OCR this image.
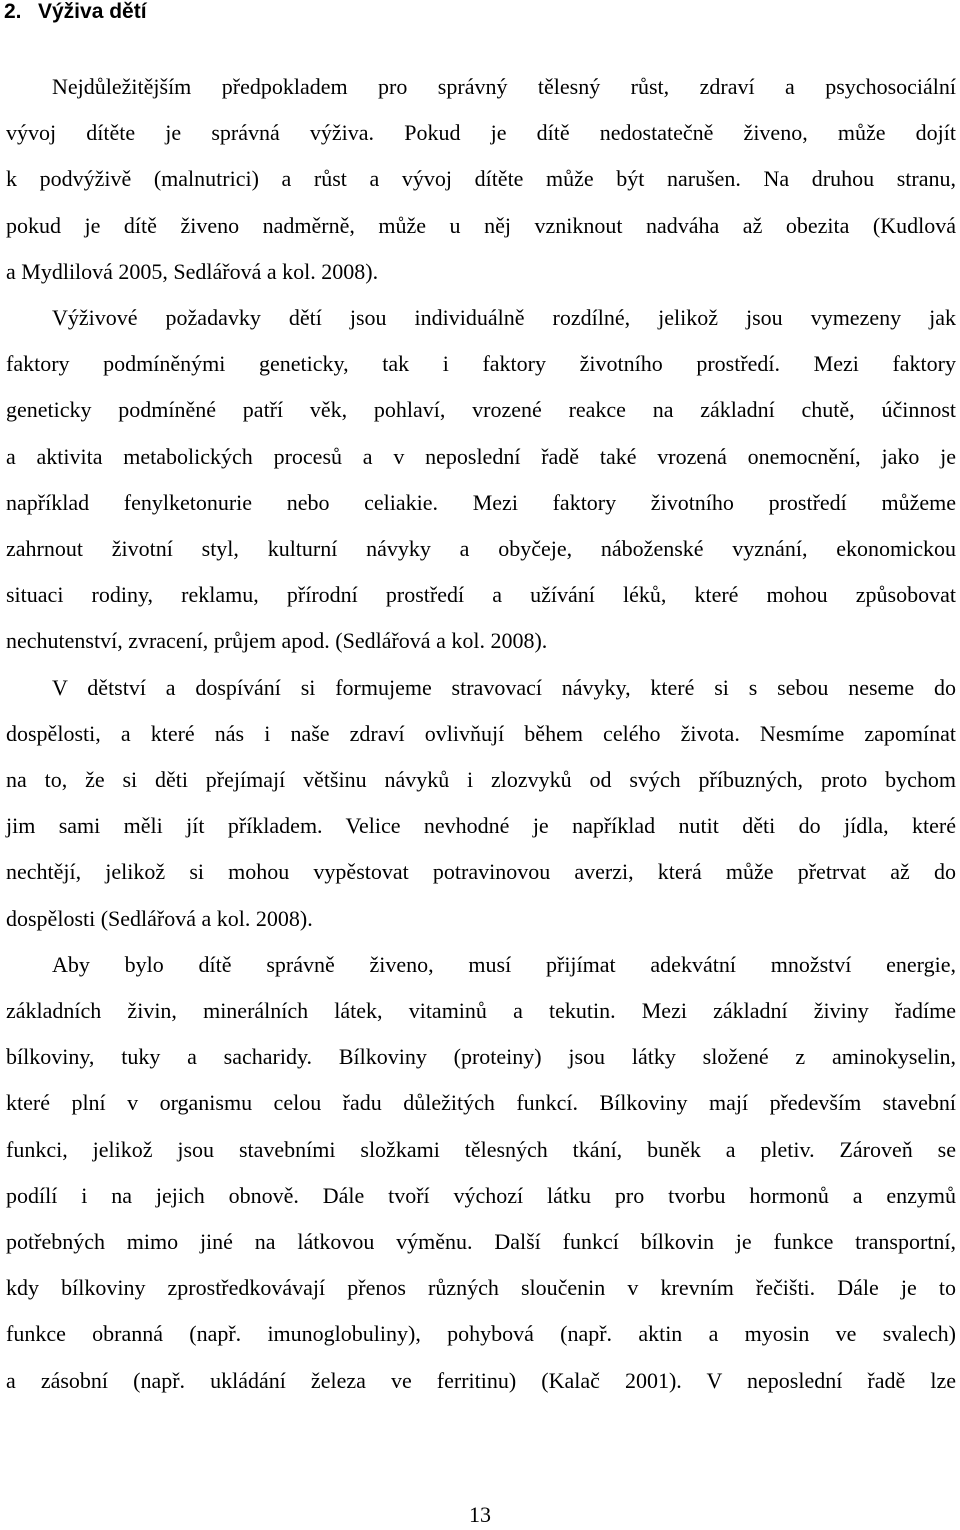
2. Výživa dětí

Nejdůležitějším předpokladem pro správný tělesný růst, zdraví a psychosociální
vývoj dítěte je správná výživa. Pokud je dítě nedostatečně živeno, může dojít
k podvýživě (malnutrici) a růst a vývoj dítěte může být narušen. Na druhou stranu,
pokud je dítě živeno nadměrně, může u něj vzniknout nadváha až obezita (Kudlová
a Mydlilová 2005, Sedlářová a kol. 2008).

Výživové požadavky dětí jsou individuálně rozdílné, jelikož jsou vymezeny jak
faktory podmíněnými geneticky, tak i faktory životního prostředí. Mezi faktory
geneticky podmíněné patří věk, pohlaví, vrozené reakce na základní chutě, účinnost
a aktivita metabolických procesů a v neposlední řadě také vrozená onemocnění, jako je
například fenylketonurie nebo celiakie. Mezi faktory životního prostředí můžeme
zahrnout životní styl, kulturní návyky a obyčeje, náboženské vyznání, ekonomickou
situaci rodiny, reklamu, přírodní prostředí a užívání léků, které mohou způsobovat
nechutenství, zvracení, průjem apod. (Sedlářová a kol. 2008).

V dětství a dospívání si formujeme stravovací návyky, které si s sebou neseme do
dospělosti, a které nás i naše zdraví ovlivňují během celého života. Nesmíme zapomínat
na to, že si děti přejímají většinu návyků i zlozvyků od svých příbuzných, proto bychom
jim sami měli jít příkladem. Velice nevhodné je například nutit děti do jídla, které
nechtějí, jelikož si mohou vypěstovat potravinovou averzi, která může přetrvat až do
dospělosti (Sedlářová a kol. 2008).

Aby bylo dítě správně živeno, musí přijímat adekvátní množství energie,
základních živin, minerálních látek, vitaminů a tekutin. Mezi základní živiny řadíme
bílkoviny, tuky a sacharidy. Bílkoviny (proteiny) jsou látky složené z aminokyselin,
které plní v organismu celou řadu důležitých funkcí. Bílkoviny mají především stavební
funkci, jelikož jsou stavebními složkami tělesných tkání, buněk a pletiv. Zároveň se
podílí i na jejich obnově. Dále tvoří výchozí látku pro tvorbu hormonů a enzymů
potřebných mimo jiné na látkovou výměnu. Další funkcí bílkovin je funkce transportní,
kdy bílkoviny zprostředkovávají přenos různých sloučenin v krevním řečišti. Dále je to
funkce obranná (např. imunoglobuliny), pohybová (např. aktin a myosin ve svalech)
a zásobní (např. ukládání železa ve ferritinu) (Kalač 2001). V neposlední řadě lze

13
